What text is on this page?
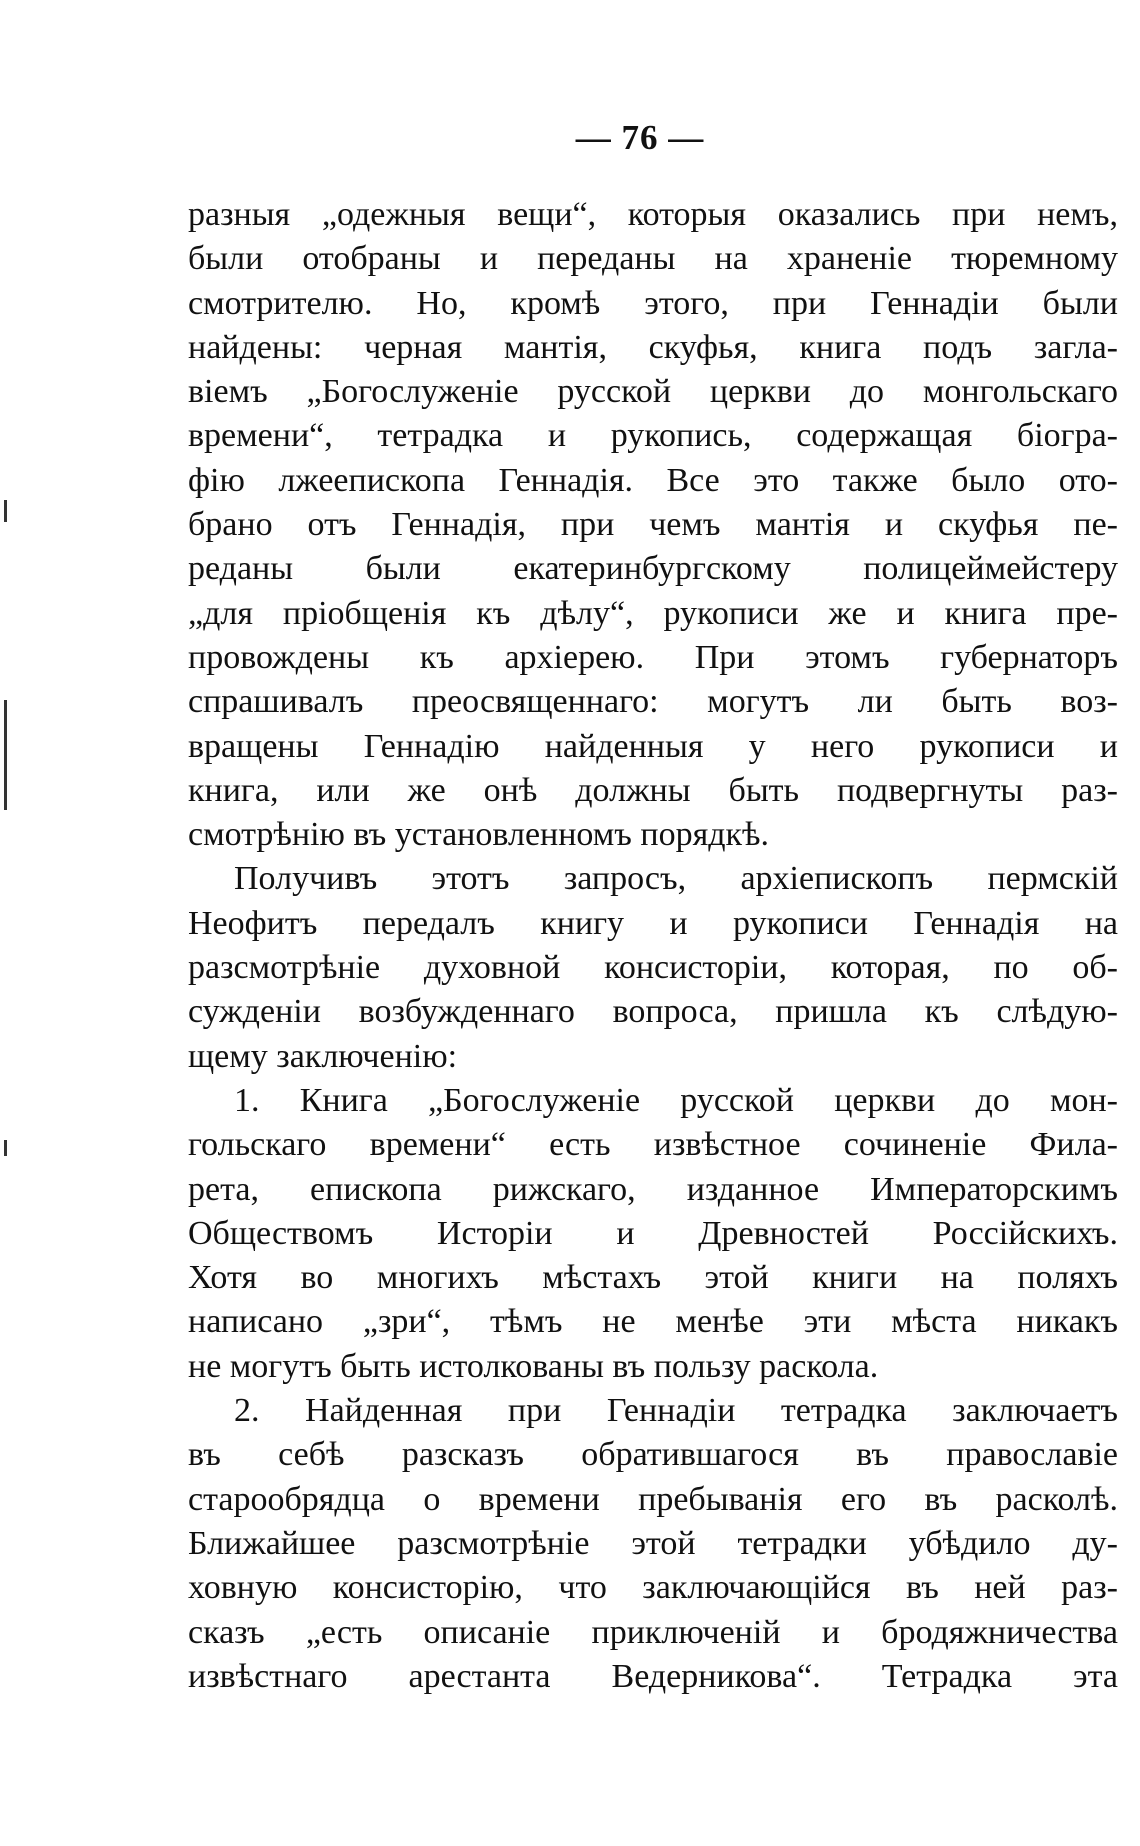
— 76 —
разныя „одежныя вещи“, которыя оказались при немъ,
были отобраны и переданы на храненіе тюремному
смотрителю. Но, кромѣ этого, при Геннадіи были
найдены: черная мантія, скуфья, книга подъ загла-
віемъ „Богослуженіе русской церкви до монгольскаго
времени“, тетрадка и рукопись, содержащая біогра-
фію лжеепископа Геннадія. Все это также было ото-
брано отъ Геннадія, при чемъ мантія и скуфья пе-
реданы были екатеринбургскому полицеймейстеру
„для пріобщенія къ дѣлу“, рукописи же и книга пре-
провождены къ архіерею. При этомъ губернаторъ
спрашивалъ преосвященнаго: могутъ ли быть воз-
вращены Геннадію найденныя у него рукописи и
книга, или же онѣ должны быть подвергнуты раз-
смотрѣнію въ установленномъ порядкѣ.
Получивъ этотъ запросъ, архіепископъ пермскій
Неофитъ передалъ книгу и рукописи Геннадія на
разсмотрѣніе духовной консисторіи, которая, по об-
сужденіи возбужденнаго вопроса, пришла къ слѣдую-
щему заключенію:
1. Книга „Богослуженіе русской церкви до мон-
гольскаго времени“ есть извѣстное сочиненіе Фила-
рета, епископа рижскаго, изданное Императорскимъ
Обществомъ Исторіи и Древностей Россійскихъ.
Хотя во многихъ мѣстахъ этой книги на поляхъ
написано „зри“, тѣмъ не менѣе эти мѣста никакъ
не могутъ быть истолкованы въ пользу раскола.
2. Найденная при Геннадіи тетрадка заключаетъ
въ себѣ разсказъ обратившагося въ православіе
старообрядца о времени пребыванія его въ расколѣ.
Ближайшее разсмотрѣніе этой тетрадки убѣдило ду-
ховную консисторію, что заключающійся въ ней раз-
сказъ „есть описаніе приключеній и бродяжничества
извѣстнаго арестанта Ведерникова“. Тетрадка эта
